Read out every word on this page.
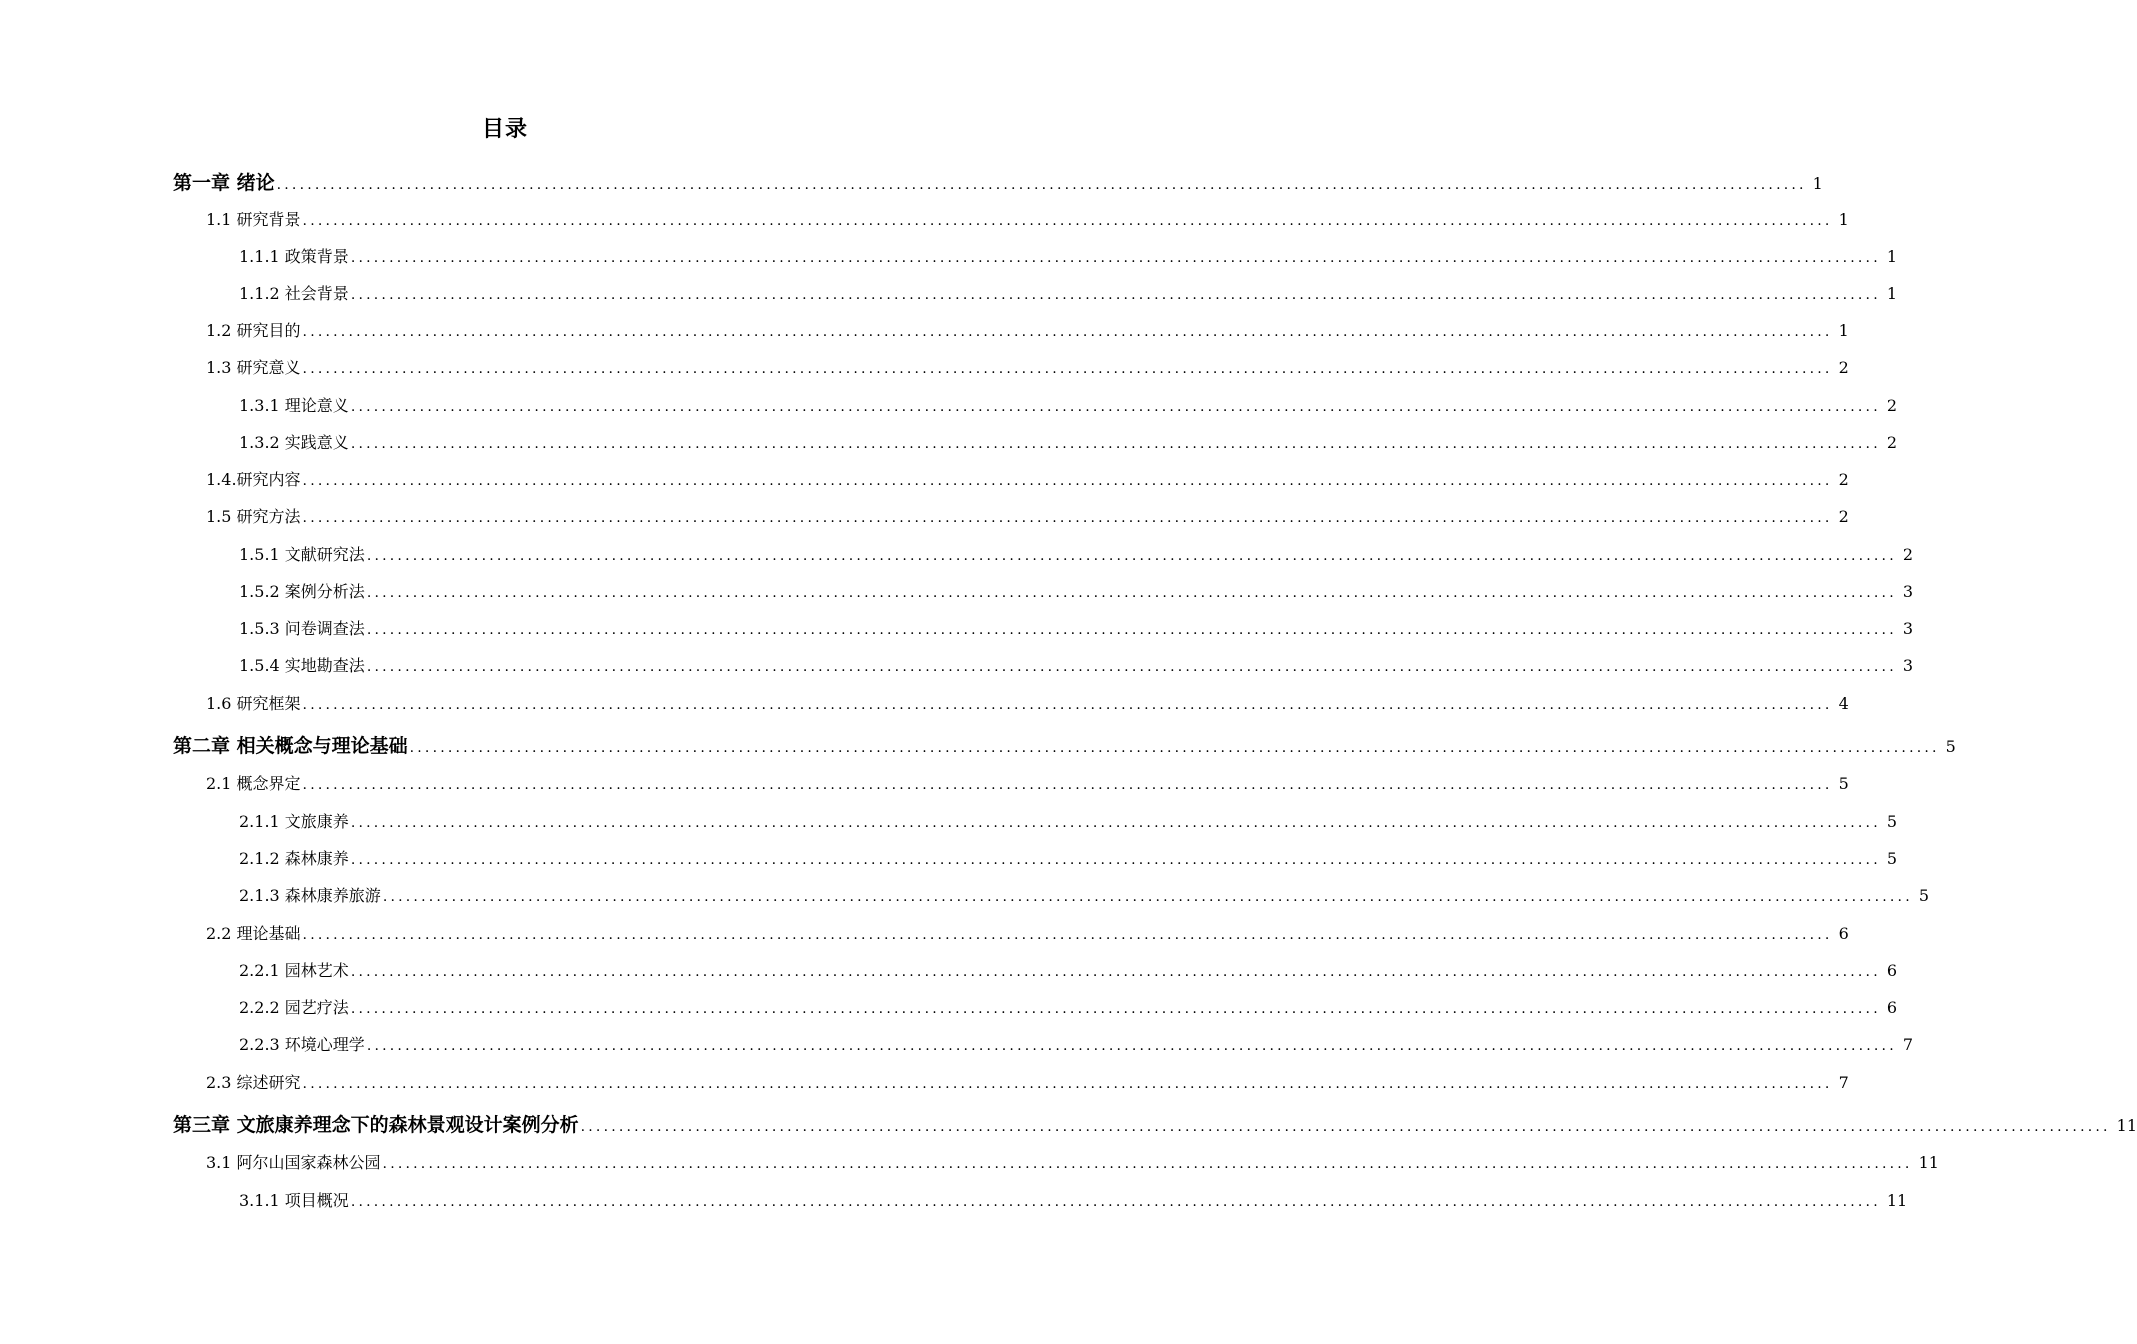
目录
第一章 绪论 ........................................................................................................................................................................................................ 1
1.1 研究背景 ........................................................................................................................................................................................................ 1
1.1.1 政策背景 ........................................................................................................................................................................................................ 1
1.1.2 社会背景 ........................................................................................................................................................................................................ 1
1.2 研究目的 ........................................................................................................................................................................................................ 1
1.3 研究意义 ........................................................................................................................................................................................................ 2
1.3.1 理论意义 ........................................................................................................................................................................................................ 2
1.3.2 实践意义 ........................................................................................................................................................................................................ 2
1.4.研究内容 ........................................................................................................................................................................................................ 2
1.5 研究方法 ........................................................................................................................................................................................................ 2
1.5.1 文献研究法 ........................................................................................................................................................................................................ 2
1.5.2 案例分析法 ........................................................................................................................................................................................................ 3
1.5.3 问卷调查法 ........................................................................................................................................................................................................ 3
1.5.4 实地勘查法 ........................................................................................................................................................................................................ 3
1.6 研究框架 ........................................................................................................................................................................................................ 4
第二章 相关概念与理论基础 ........................................................................................................................................................................................................ 5
2.1 概念界定 ........................................................................................................................................................................................................ 5
2.1.1 文旅康养 ........................................................................................................................................................................................................ 5
2.1.2 森林康养 ........................................................................................................................................................................................................ 5
2.1.3 森林康养旅游 ........................................................................................................................................................................................................ 5
2.2 理论基础 ........................................................................................................................................................................................................ 6
2.2.1 园林艺术 ........................................................................................................................................................................................................ 6
2.2.2 园艺疗法 ........................................................................................................................................................................................................ 6
2.2.3 环境心理学 ........................................................................................................................................................................................................ 7
2.3 综述研究 ........................................................................................................................................................................................................ 7
第三章 文旅康养理念下的森林景观设计案例分析 ........................................................................................................................................................................................................ 11
3.1 阿尔山国家森林公园 ........................................................................................................................................................................................................ 11
3.1.1 项目概况 ........................................................................................................................................................................................................ 11
